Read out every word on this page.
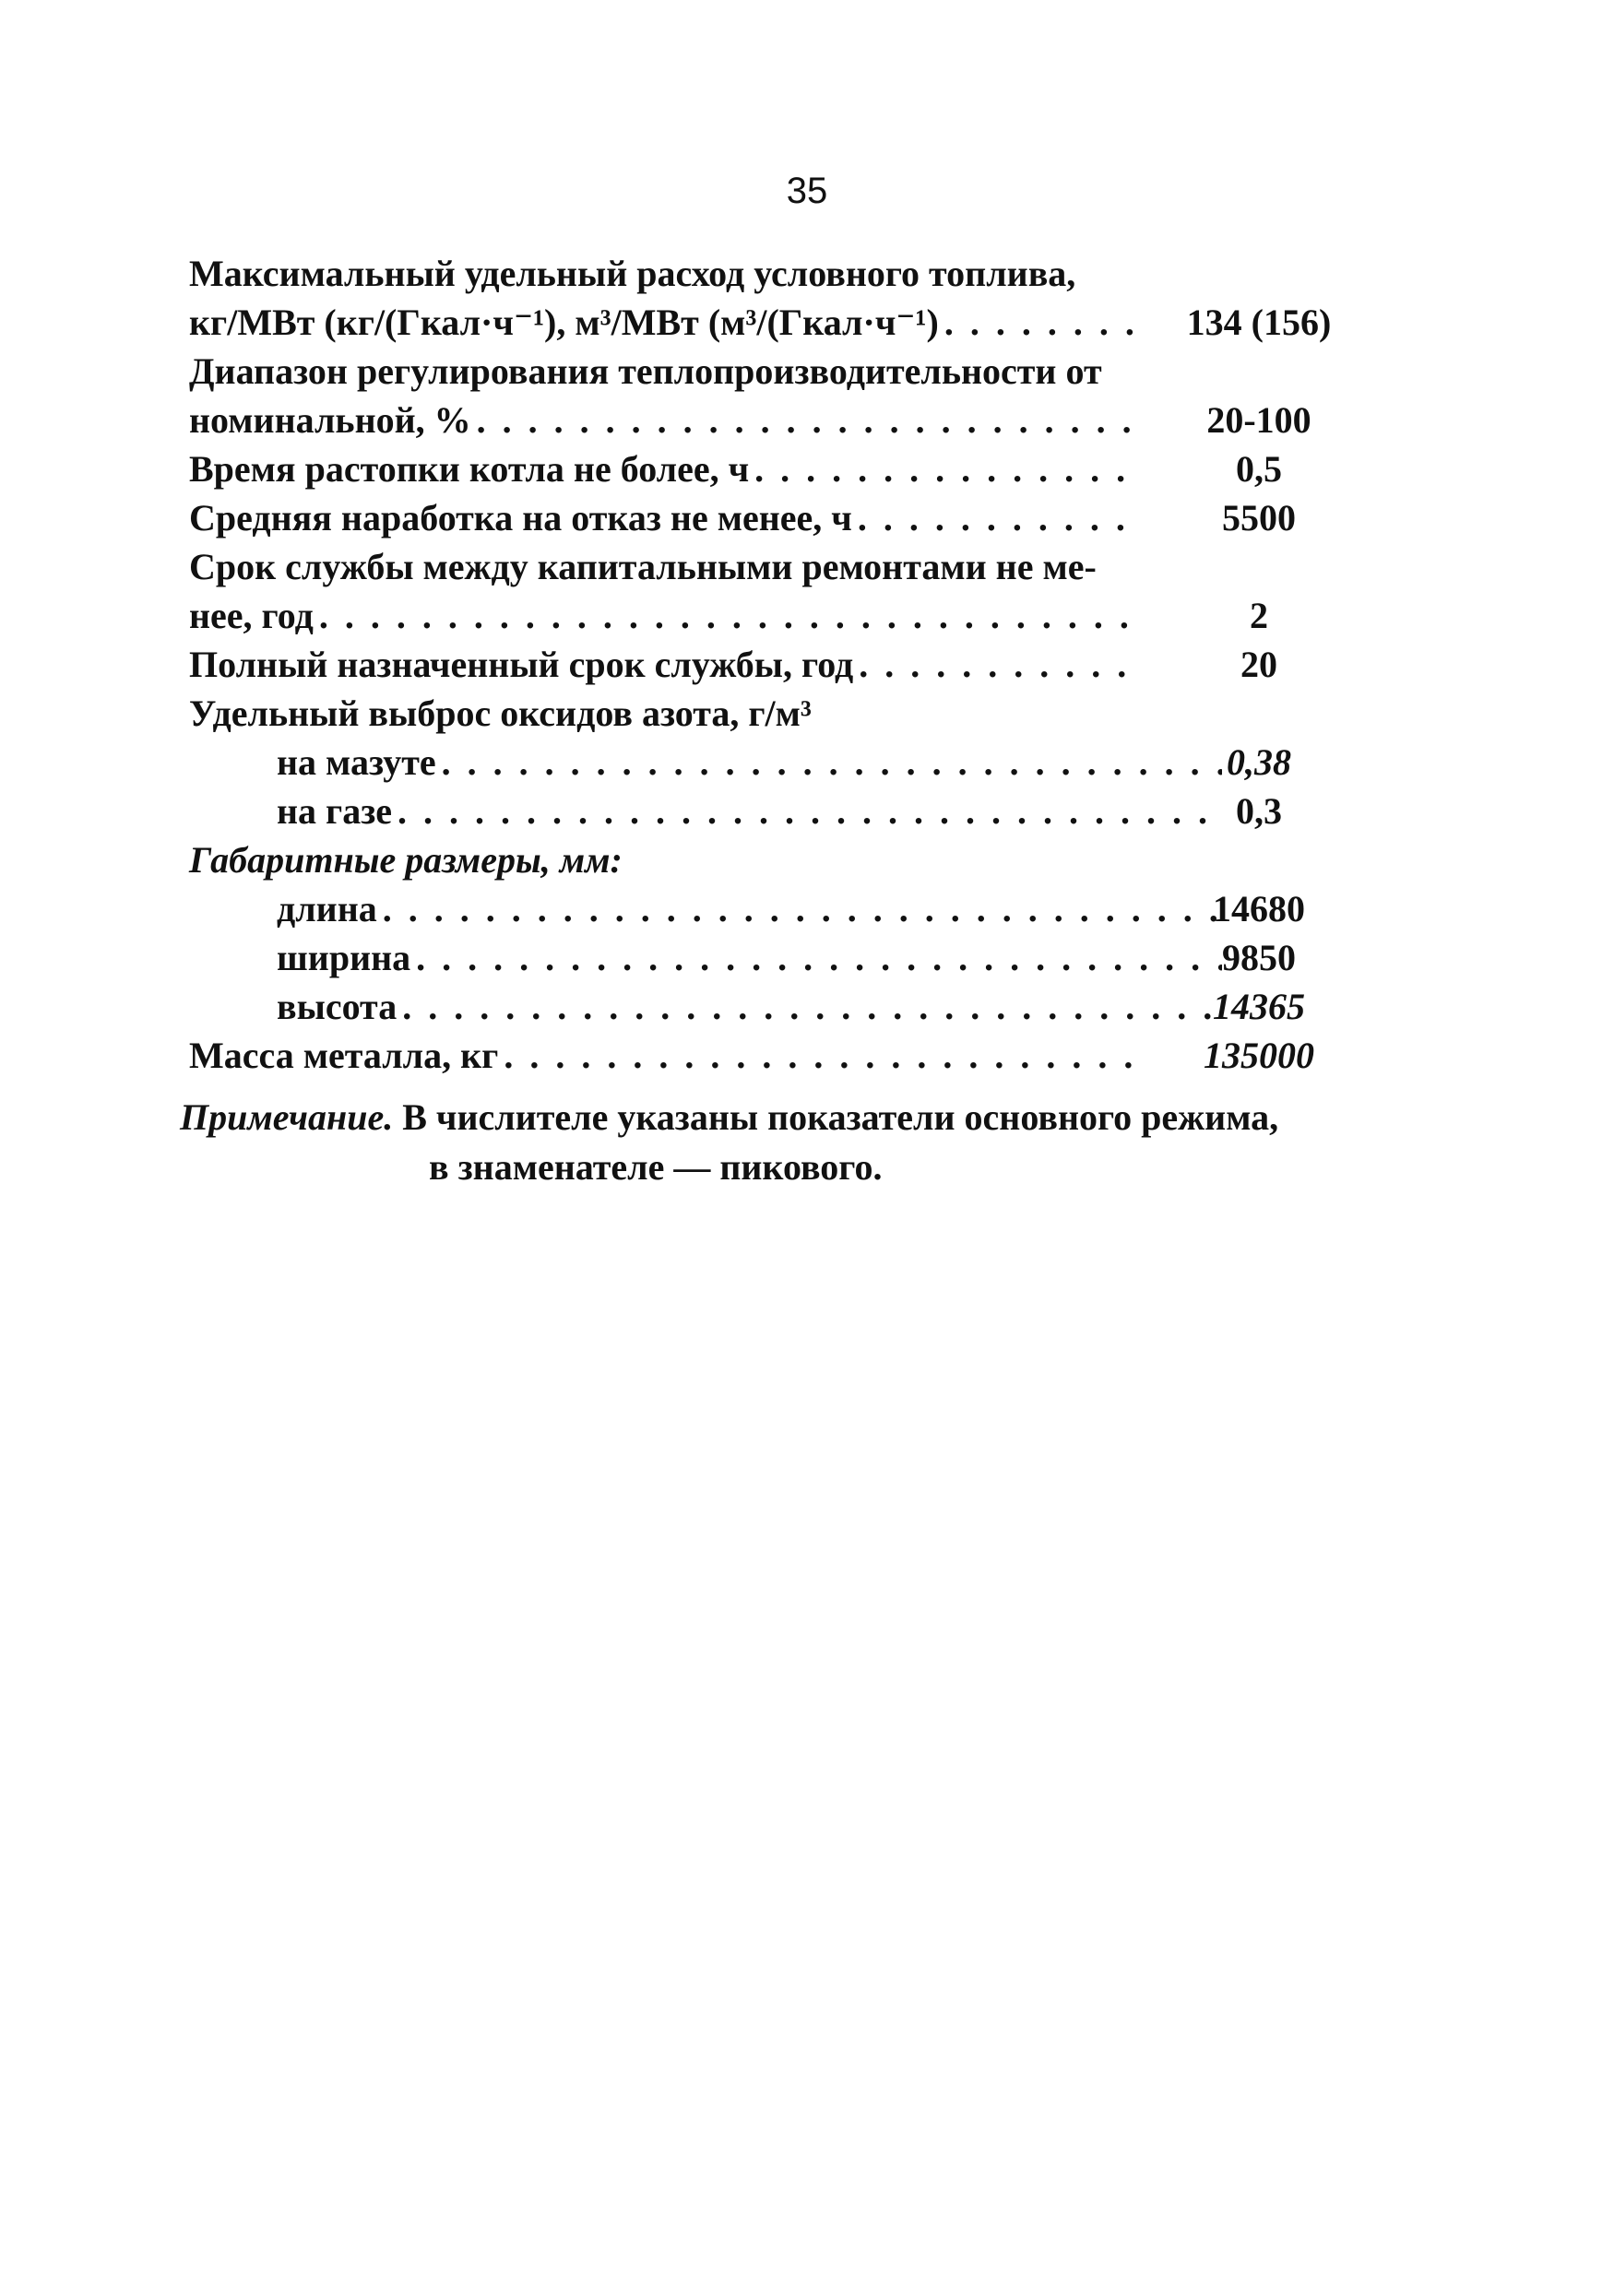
35
Максимальный удельный расход условного топлива,
кг/МВт (кг/(Гкал·ч⁻¹), м³/МВт (м³/(Гкал·ч⁻¹) . . .	134 (156)
Диапазон регулирования теплопроизводительности от
номинальной, % . . .	20-100
Время растопки котла не более, ч . . .	0,5
Средняя наработка на отказ не менее, ч . . .	5500
Срок службы между капитальными ремонтами не ме-
нее, год . . .	2
Полный назначенный срок службы, год . . .	20
Удельный выброс оксидов азота, г/м³
на мазуте . . .	0,38
на газе . . .	0,3
Габаритные размеры, мм:
длина . . .	14680
ширина . . .	9850
высота . . .	14365
Масса металла, кг . . .	135000
Примечание. В числителе указаны показатели основного режима,
в знаменателе — пикового.
